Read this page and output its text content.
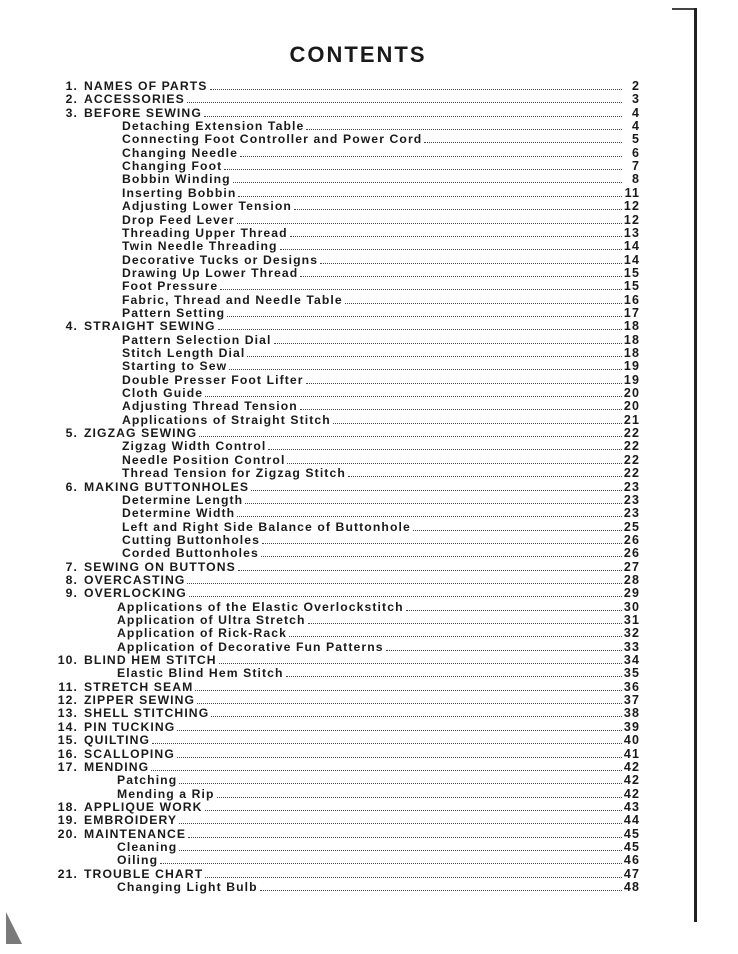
CONTENTS
1. NAMES OF PARTS	2
2. ACCESSORIES	3
3. BEFORE SEWING	4
Detaching Extension Table	4
Connecting Foot Controller and Power Cord	5
Changing Needle	6
Changing Foot	7
Bobbin Winding	8
Inserting Bobbin	11
Adjusting Lower Tension	12
Drop Feed Lever	12
Threading Upper Thread	13
Twin Needle Threading	14
Decorative Tucks or Designs	14
Drawing Up Lower Thread	15
Foot Pressure	15
Fabric, Thread and Needle Table	16
Pattern Setting	17
4. STRAIGHT SEWING	18
Pattern Selection Dial	18
Stitch Length Dial	18
Starting to Sew	19
Double Presser Foot Lifter	19
Cloth Guide	20
Adjusting Thread Tension	20
Applications of Straight Stitch	21
5. ZIGZAG SEWING	22
Zigzag Width Control	22
Needle Position Control	22
Thread Tension for Zigzag Stitch	22
6. MAKING BUTTONHOLES	23
Determine Length	23
Determine Width	23
Left and Right Side Balance of Buttonhole	25
Cutting Buttonholes	26
Corded Buttonholes	26
7. SEWING ON BUTTONS	27
8. OVERCASTING	28
9. OVERLOCKING	29
Applications of the Elastic Overlockstitch	30
Application of Ultra Stretch	31
Application of Rick-Rack	32
Application of Decorative Fun Patterns	33
10. BLIND HEM STITCH	34
Elastic Blind Hem Stitch	35
11. STRETCH SEAM	36
12. ZIPPER SEWING	37
13. SHELL STITCHING	38
14. PIN TUCKING	39
15. QUILTING	40
16. SCALLOPING	41
17. MENDING	42
Patching	42
Mending a Rip	42
18. APPLIQUE WORK	43
19. EMBROIDERY	44
20. MAINTENANCE	45
Cleaning	45
Oiling	46
21. TROUBLE CHART	47
Changing Light Bulb	48
